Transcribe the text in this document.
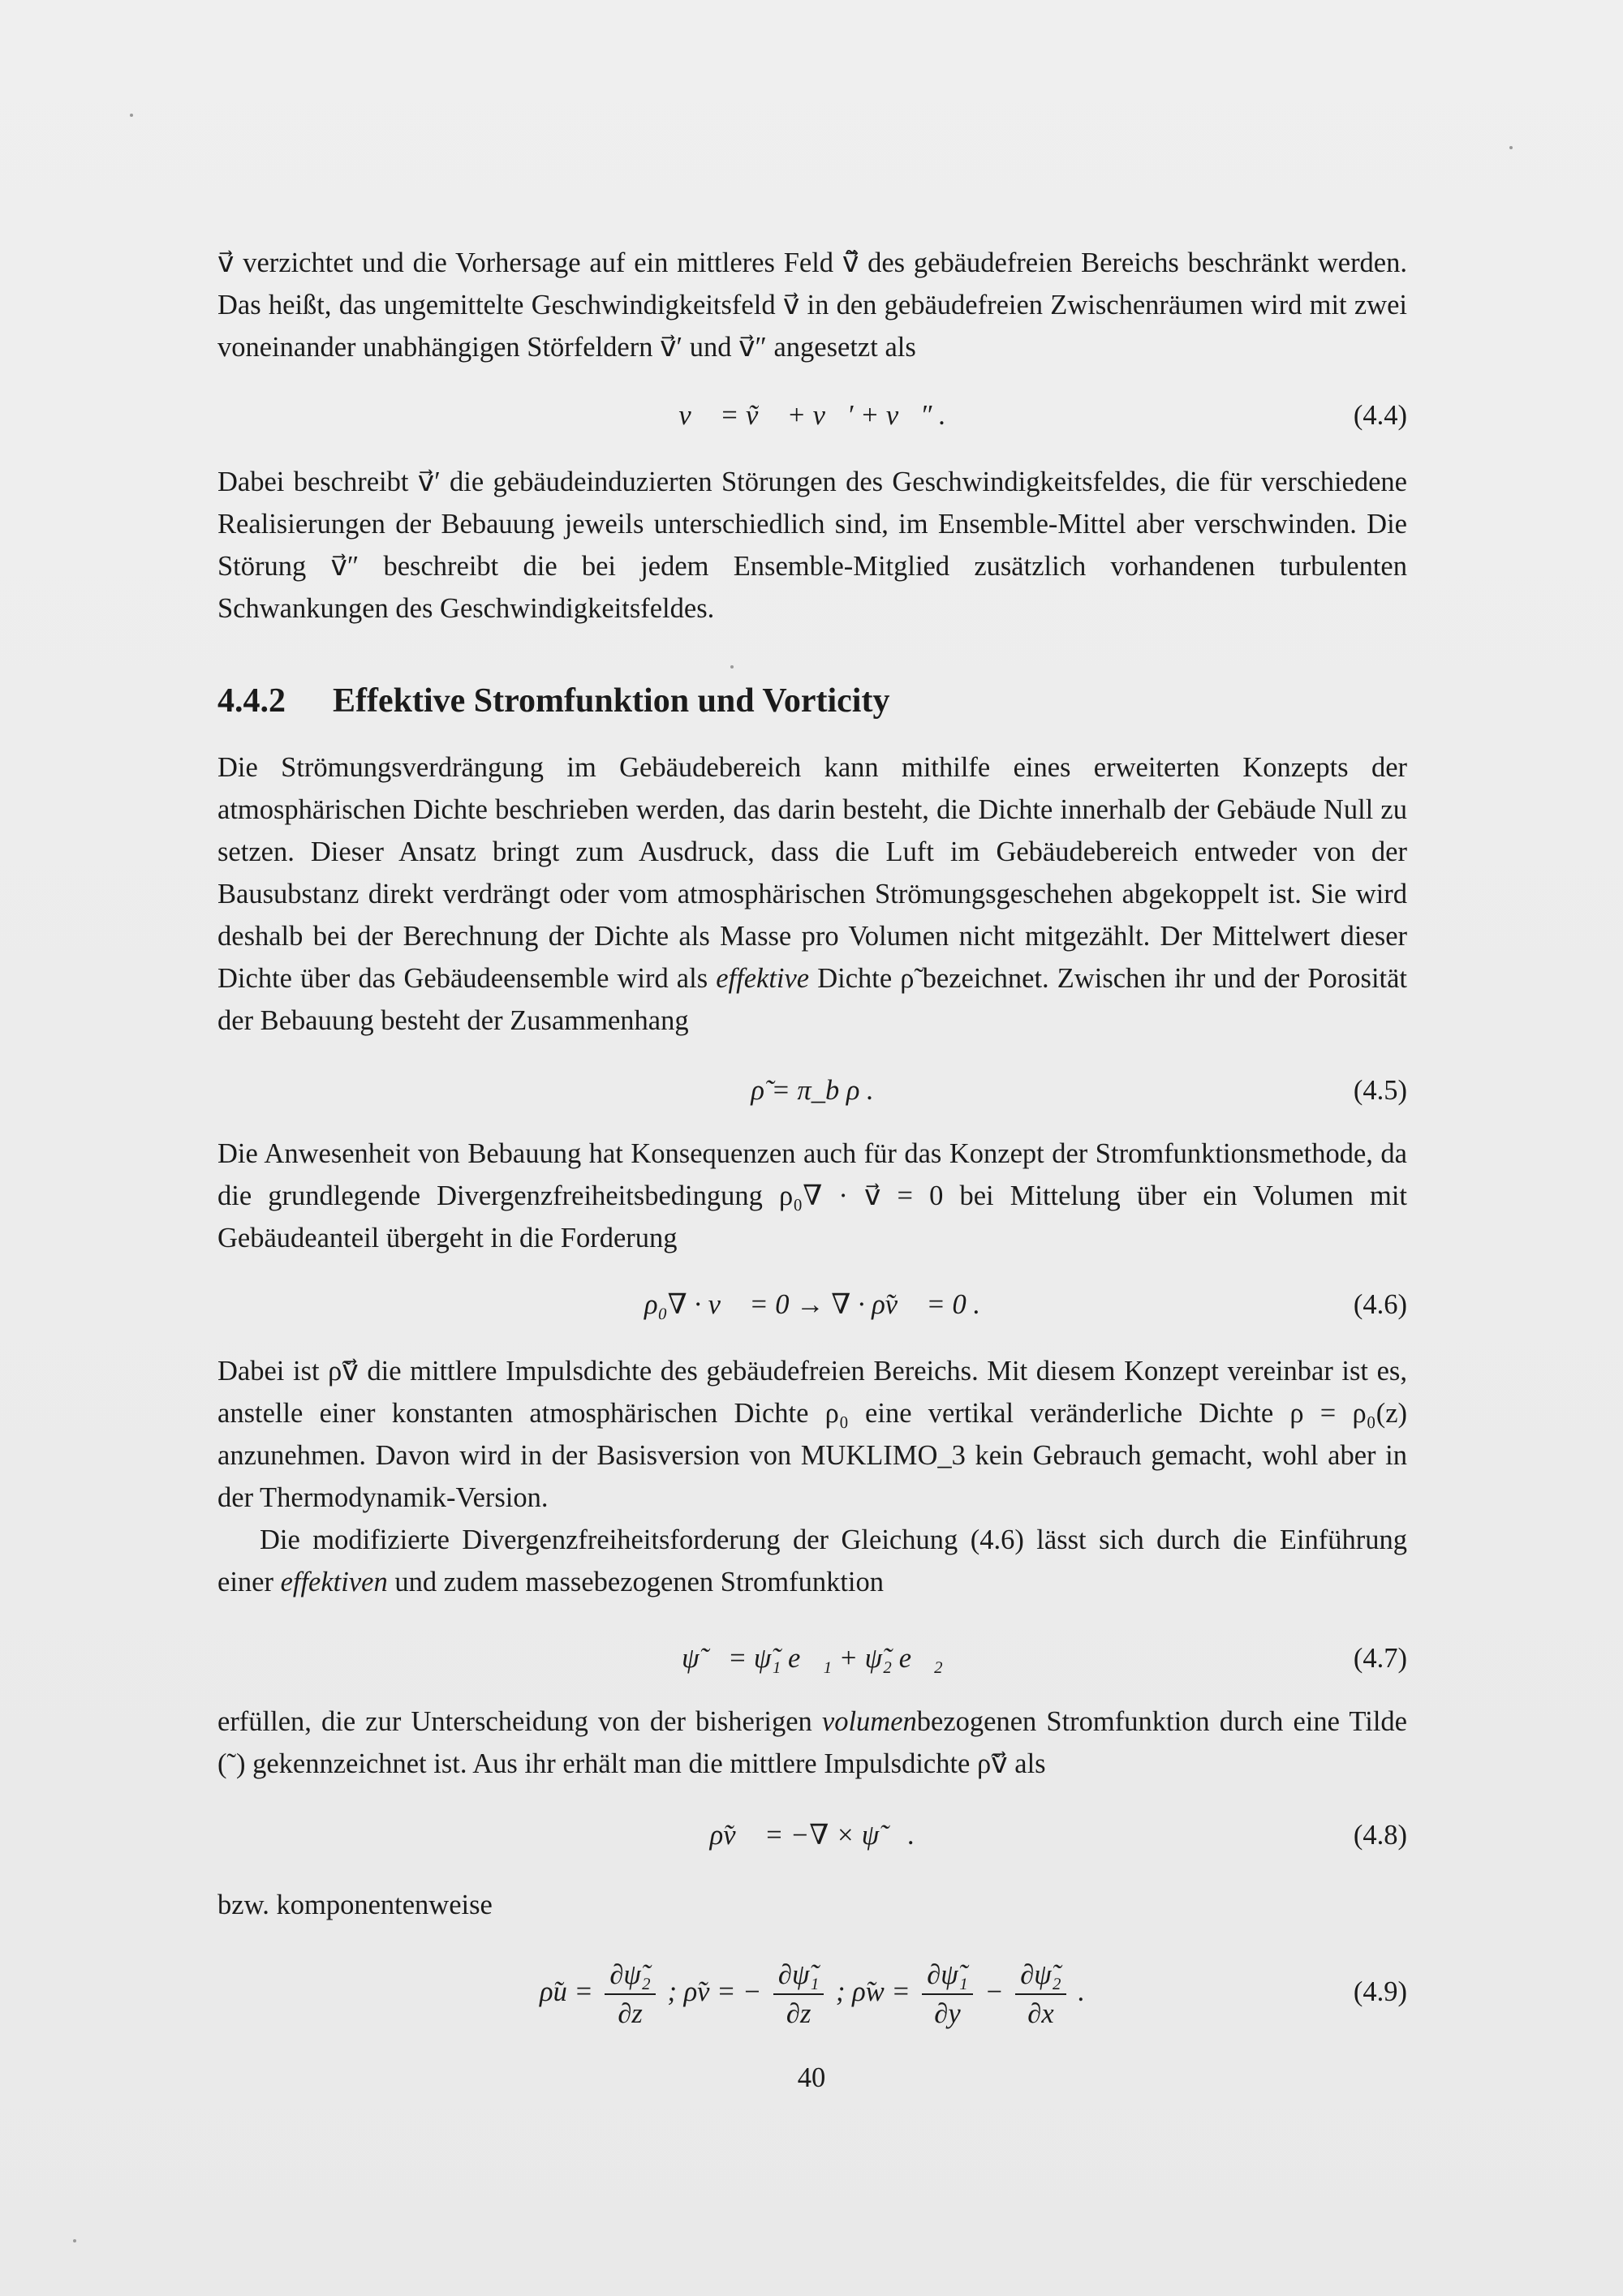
v⃗ verzichtet und die Vorhersage auf ein mittleres Feld ṽ⃗ des gebäudefreien Bereichs beschränkt werden. Das heißt, das ungemittelte Geschwindigkeitsfeld v⃗ in den gebäudefreien Zwischenräumen wird mit zwei voneinander unabhängigen Störfeldern v⃗′ und v⃗″ angesetzt als

v⃗ = ṽ⃗ + v⃗′ + v⃗″ .	(4.4)

Dabei beschreibt v⃗′ die gebäudeinduzierten Störungen des Geschwindigkeitsfeldes, die für verschiedene Realisierungen der Bebauung jeweils unterschiedlich sind, im Ensemble-Mittel aber verschwinden. Die Störung v⃗″ beschreibt die bei jedem Ensemble-Mitglied zusätzlich vorhandenen turbulenten Schwankungen des Geschwindigkeitsfeldes.

4.4.2 Effektive Stromfunktion und Vorticity

Die Strömungsverdrängung im Gebäudebereich kann mithilfe eines erweiterten Konzepts der atmosphärischen Dichte beschrieben werden, das darin besteht, die Dichte innerhalb der Gebäude Null zu setzen. Dieser Ansatz bringt zum Ausdruck, dass die Luft im Gebäudebereich entweder von der Bausubstanz direkt verdrängt oder vom atmosphärischen Strömungsgeschehen abgekoppelt ist. Sie wird deshalb bei der Berechnung der Dichte als Masse pro Volumen nicht mitgezählt. Der Mittelwert dieser Dichte über das Gebäudeensemble wird als effektive Dichte ρ̃ bezeichnet. Zwischen ihr und der Porosität der Bebauung besteht der Zusammenhang

ρ̃ = π_b ρ .	(4.5)

Die Anwesenheit von Bebauung hat Konsequenzen auch für das Konzept der Stromfunktionsmethode, da die grundlegende Divergenzfreiheitsbedingung ρ₀∇ · v⃗ = 0 bei Mittelung über ein Volumen mit Gebäudeanteil übergeht in die Forderung

ρ₀∇ · v⃗ = 0 → ∇ · ρ̃v⃗ = 0 .	(4.6)

Dabei ist ρ̃v⃗ die mittlere Impulsdichte des gebäudefreien Bereichs. Mit diesem Konzept vereinbar ist es, anstelle einer konstanten atmosphärischen Dichte ρ₀ eine vertikal veränderliche Dichte ρ = ρ₀(z) anzunehmen. Davon wird in der Basisversion von MUKLIMO_3 kein Gebrauch gemacht, wohl aber in der Thermodynamik-Version.

Die modifizierte Divergenzfreiheitsforderung der Gleichung (4.6) lässt sich durch die Einführung einer effektiven und zudem massebezogenen Stromfunktion

ψ̃⃗ = ψ̃₁ e⃗₁ + ψ̃₂ e⃗₂	(4.7)

erfüllen, die zur Unterscheidung von der bisherigen volumenbezogenen Stromfunktion durch eine Tilde (˜) gekennzeichnet ist. Aus ihr erhält man die mittlere Impulsdichte ρ̃v⃗ als

ρ̃v⃗ = −∇ × ψ̃⃗ .	(4.8)

bzw. komponentenweise

ρ̃u = $\frac{\text{∂ψ̃₂}}{\partial z}$ ; ρ̃v = − $\frac{\text{∂ψ̃₁}}{\partial z}$ ; ρ̃w = $\frac{\text{∂ψ̃₁}}{\partial y} - \frac{\text{∂ψ̃₂}}{\partial x}$ .	(4.9)
40
